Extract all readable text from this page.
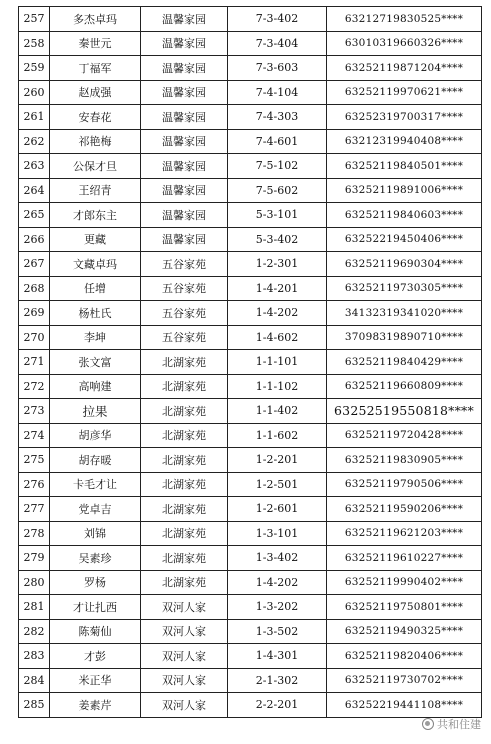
257	多杰卓玛	温馨家园	7-3-402	63212719830525****
258	秦世元	温馨家园	7-3-404	63010319660326****
259	丁福军	温馨家园	7-3-603	63252119871204****
260	赵成强	温馨家园	7-4-104	63252119970621****
261	安春花	温馨家园	7-4-303	63252319700317****
262	祁艳梅	温馨家园	7-4-601	63212319940408****
263	公保才旦	温馨家园	7-5-102	63252119840501****
264	王绍青	温馨家园	7-5-602	63252119891006****
265	才郎东主	温馨家园	5-3-101	63252119840603****
266	更藏	温馨家园	5-3-402	63252219450406****
267	文藏卓玛	五谷家苑	1-2-301	63252119690304****
268	任增	五谷家苑	1-4-201	63252119730305****
269	杨杜氏	五谷家苑	1-4-202	34132319341020****
270	李坤	五谷家苑	1-4-602	37098319890710****
271	张文富	北湖家苑	1-1-101	63252119840429****
272	高响建	北湖家苑	1-1-102	63252119660809****
273	拉果	北湖家苑	1-1-402	63252519550818****
274	胡彦华	北湖家苑	1-1-602	63252119720428****
275	胡存暖	北湖家苑	1-2-201	63252119830905****
276	卡毛才让	北湖家苑	1-2-501	63252119790506****
277	党卓吉	北湖家苑	1-2-601	63252119590206****
278	刘锦	北湖家苑	1-3-101	63252119621203****
279	吴素珍	北湖家苑	1-3-402	63252119610227****
280	罗杨	北湖家苑	1-4-202	63252119990402****
281	才让扎西	双河人家	1-3-202	63252119750801****
282	陈菊仙	双河人家	1-3-502	63252119490325****
283	才彭	双河人家	1-4-301	63252119820406****
284	米正华	双河人家	2-1-302	63252119730702****
285	姜素芹	双河人家	2-2-201	63252219441108****
共和住建
